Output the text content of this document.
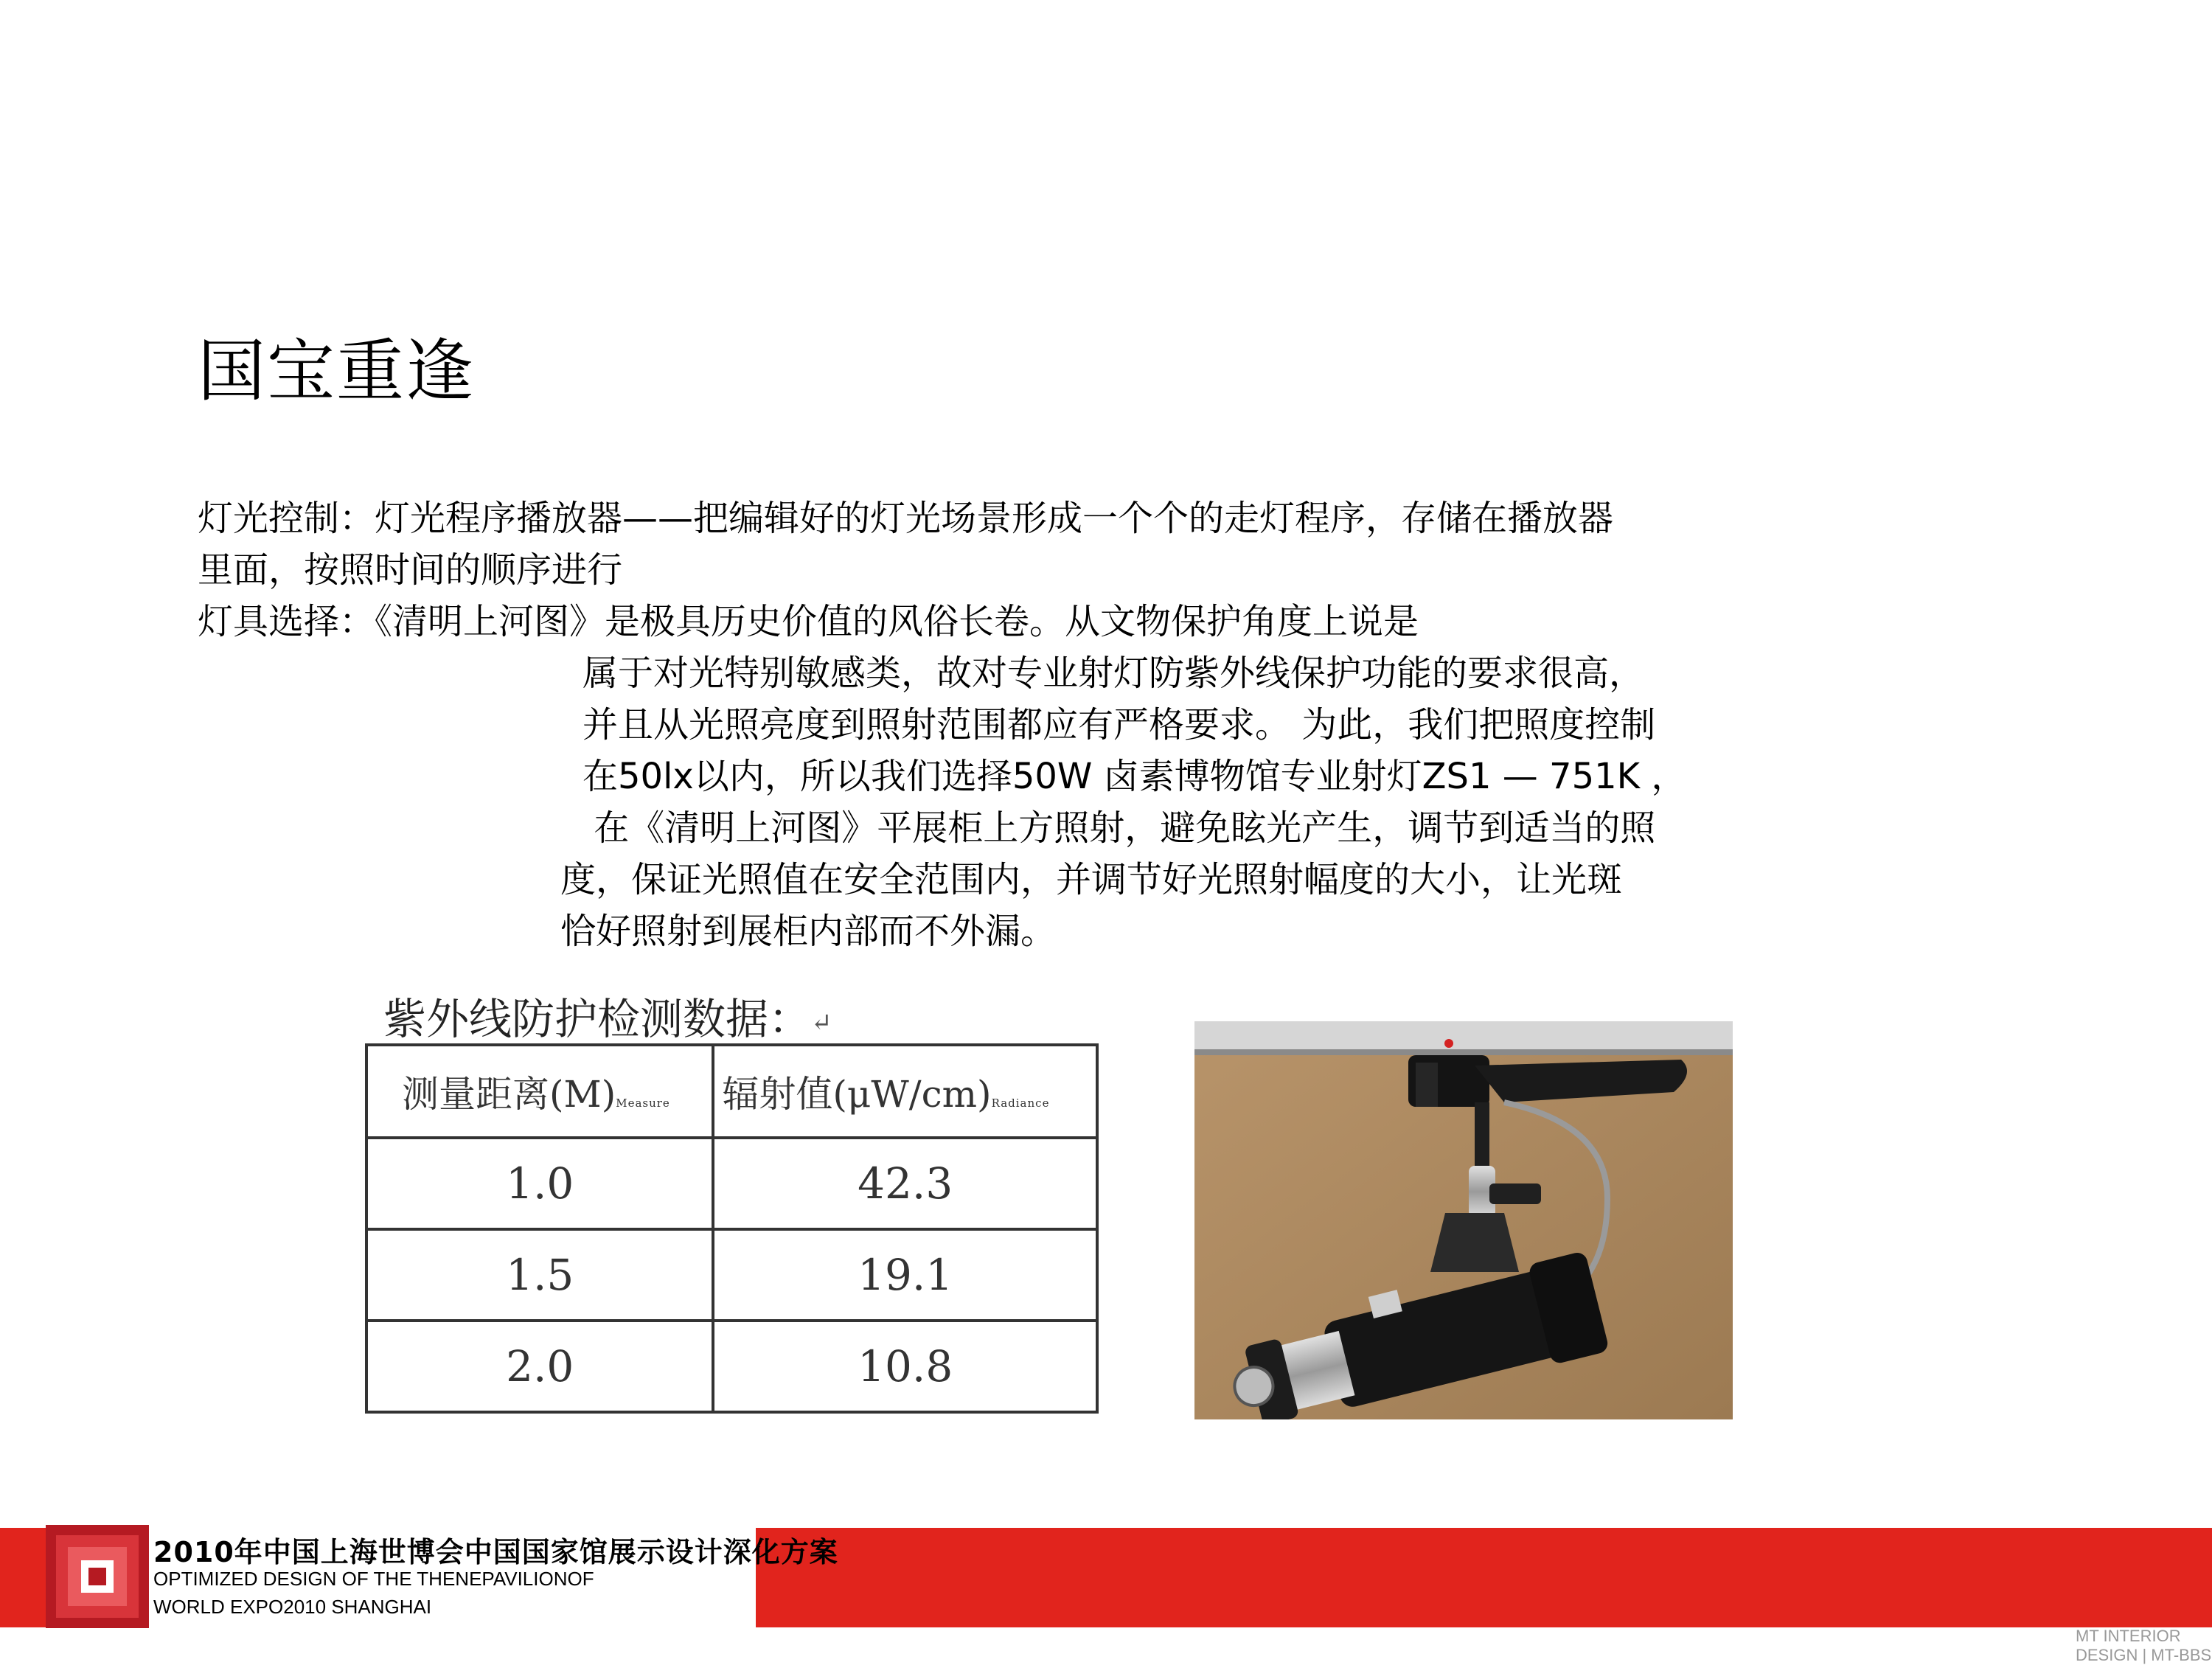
国宝重逢
灯光控制：灯光程序播放器——把编辑好的灯光场景形成一个个的走灯程序，存储在播放器
里面，按照时间的顺序进行
灯具选择：《清明上河图》是极具历史价值的风俗长卷。从文物保护角度上说是
属于对光特别敏感类，故对专业射灯防紫外线保护功能的要求很高，
并且从光照亮度到照射范围都应有严格要求。 为此，我们把照度控制
在50lx以内，所以我们选择50W 卤素博物馆专业射灯ZS1 — 751K ，
在《清明上河图》平展柜上方照射，避免眩光产生，调节到适当的照
度，保证光照值在安全范围内，并调节好光照射幅度的大小，让光斑
恰好照射到展柜内部而不外漏。
紫外线防护检测数据：↵
测量距离(M)Measure	辐射值(μW/cm)Radiance
1.0	42.3
1.5	19.1
2.0	10.8
2010年中国上海世博会中国国家馆展示设计深化方案
OPTIMIZED DESIGN OF THE THENEPAVILIONOF
WORLD EXPO2010 SHANGHAI
MT INTERIOR DESIGN | MT-BBS
